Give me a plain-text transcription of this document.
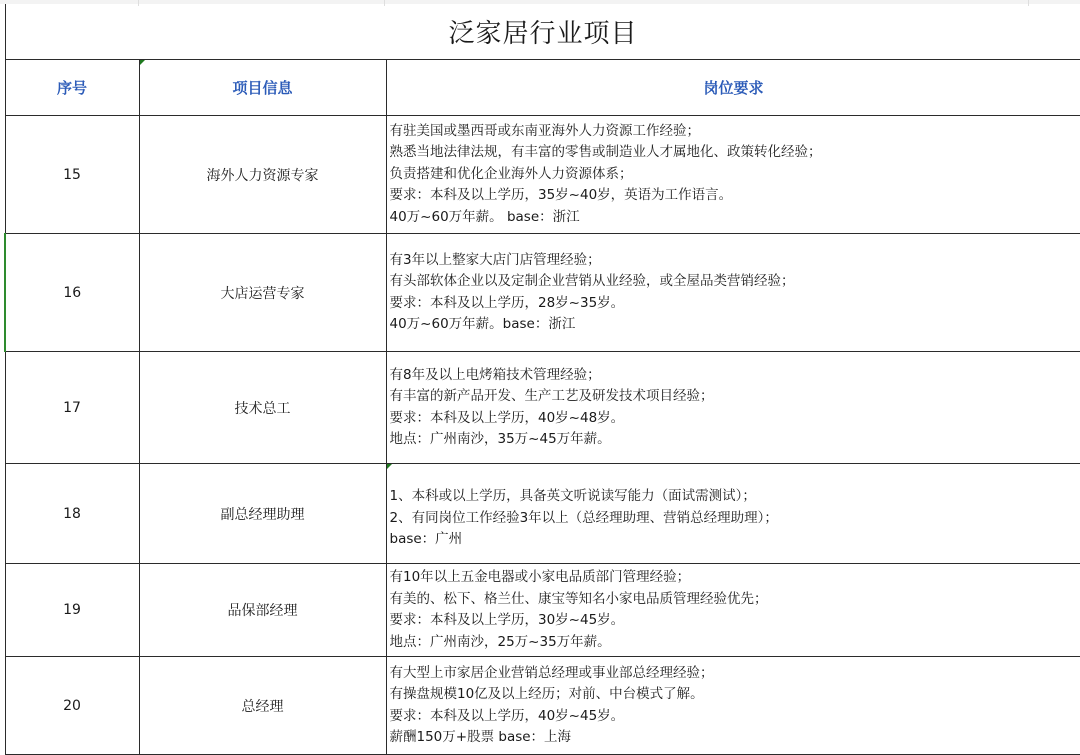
泛家居行业项目		
序号	项目信息	岗位要求
15	海外人力资源专家	有驻美国或墨西哥或东南亚海外人力资源工作经验；
熟悉当地法律法规，有丰富的零售或制造业人才属地化、政策转化经验；
负责搭建和优化企业海外人力资源体系；
要求：本科及以上学历，35岁~40岁，英语为工作语言。
40万~60万年薪。 base：浙江

16	大店运营专家	有3年以上整家大店门店管理经验；
有头部软体企业以及定制企业营销从业经验，或全屋品类营销经验；
要求：本科及以上学历，28岁~35岁。
40万~60万年薪。base：浙江

17	技术总工	有8年及以上电烤箱技术管理经验；
有丰富的新产品开发、生产工艺及研发技术项目经验；
要求：本科及以上学历，40岁~48岁。
地点：广州南沙，35万~45万年薪。

18	副总经理助理	1、本科或以上学历，具备英文听说读写能力（面试需测试）；
2、有同岗位工作经验3年以上（总经理助理、营销总经理助理）；
base：广州

19	品保部经理	有10年以上五金电器或小家电品质部门管理经验；
有美的、松下、格兰仕、康宝等知名小家电品质管理经验优先；
要求：本科及以上学历，30岁~45岁。
地点：广州南沙，25万~35万年薪。

20	总经理	有大型上市家居企业营销总经理或事业部总经理经验；
有操盘规模10亿及以上经历；对前、中台模式了解。
要求：本科及以上学历，40岁~45岁。
薪酬150万+股票 base：上海
